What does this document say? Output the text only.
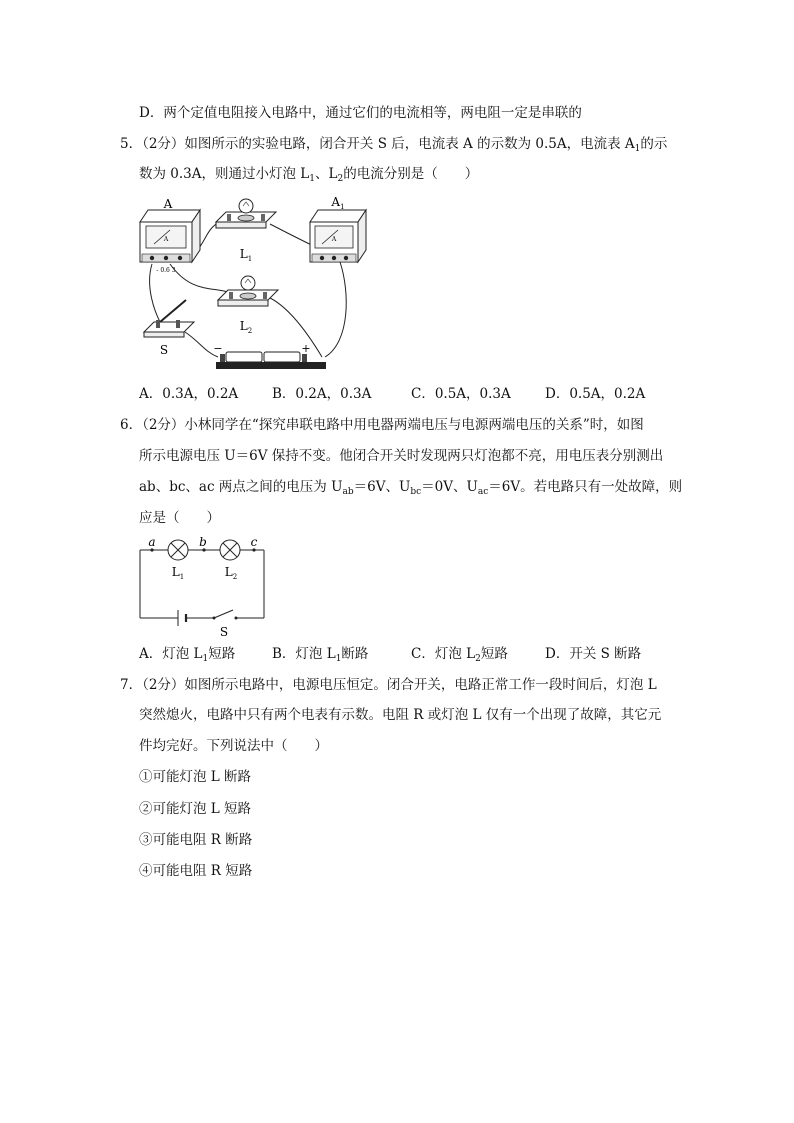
D．两个定值电阻接入电路中，通过它们的电流相等，两电阻一定是串联的
5．（2分）如图所示的实验电路，闭合开关 S 后，电流表 A 的示数为 0.5A，电流表 $A_1$的示
数为 0.3A，则通过小灯泡 $L_1$、$L_2$的电流分别是（　　）
A
A
- 0.6 3
$A_1$
A
$L_1$
$L_2$
S	−	+
A．0.3A，0.2A	B．0.2A，0.3A	C．0.5A，0.3A	D．0.5A，0.2A
6．（2分）小林同学在“探究串联电路中用电器两端电压与电源两端电压的关系”时，如图
所示电源电压 U＝6V 保持不变。他闭合开关时发现两只灯泡都不亮，用电压表分别测出
ab、bc、ac 两点之间的电压为 $U_{ab}=6V$、$U_{bc}=0V$、$U_{ac}=6V$。若电路只有一处故障，则
应是（　　）
a	b	c
$L_1$	$L_2$
S
A．灯泡 $L_1$短路	B．灯泡 $L_1$断路	C．灯泡 $L_2$短路	D．开关 S 断路
7．（2分）如图所示电路中，电源电压恒定。闭合开关，电路正常工作一段时间后，灯泡 L
突然熄火，电路中只有两个电表有示数。电阻 R 或灯泡 L 仅有一个出现了故障，其它元
件均完好。下列说法中（　　）
①可能灯泡 L 断路
②可能灯泡 L 短路
③可能电阻 R 断路
④可能电阻 R 短路
